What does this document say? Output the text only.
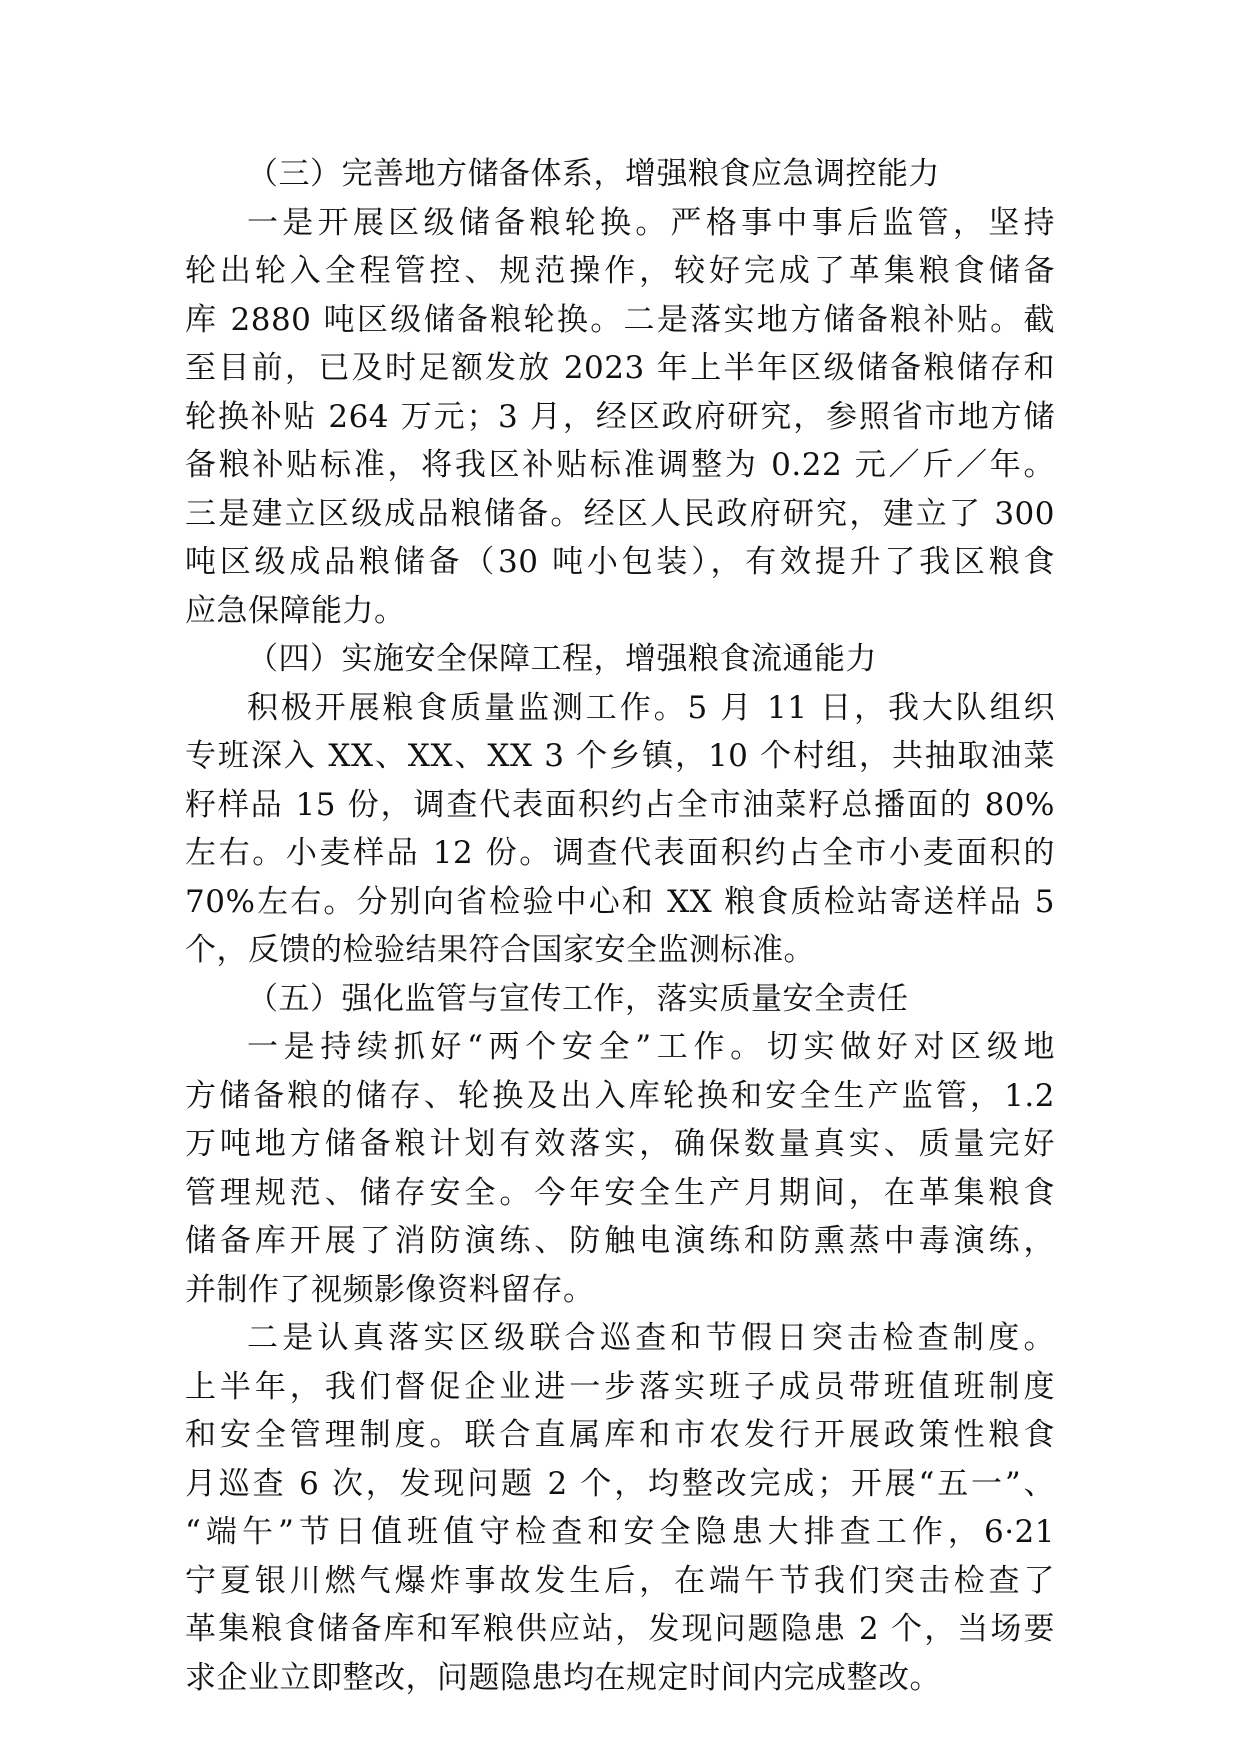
（三）完善地方储备体系，增强粮食应急调控能力
一是开展区级储备粮轮换。严格事中事后监管，坚持
轮出轮入全程管控、规范操作，较好完成了革集粮食储备
库 2880 吨区级储备粮轮换。二是落实地方储备粮补贴。截
至目前，已及时足额发放 2023 年上半年区级储备粮储存和
轮换补贴 264 万元；3 月，经区政府研究，参照省市地方储
备粮补贴标准，将我区补贴标准调整为 0.22 元／斤／年。
三是建立区级成品粮储备。经区人民政府研究，建立了 300
吨区级成品粮储备（30 吨小包装），有效提升了我区粮食
应急保障能力。
（四）实施安全保障工程，增强粮食流通能力
积极开展粮食质量监测工作。5 月 11 日，我大队组织
专班深入 XX、XX、XX 3 个乡镇，10 个村组，共抽取油菜
籽样品 15 份，调查代表面积约占全市油菜籽总播面的 80%
左右。小麦样品 12 份。调查代表面积约占全市小麦面积的
70%左右。分别向省检验中心和 XX 粮食质检站寄送样品 5
个，反馈的检验结果符合国家安全监测标准。
（五）强化监管与宣传工作，落实质量安全责任
一是持续抓好“两个安全”工作。切实做好对区级地
方储备粮的储存、轮换及出入库轮换和安全生产监管，1.2
万吨地方储备粮计划有效落实，确保数量真实、质量完好
管理规范、储存安全。今年安全生产月期间，在革集粮食
储备库开展了消防演练、防触电演练和防熏蒸中毒演练，
并制作了视频影像资料留存。
二是认真落实区级联合巡查和节假日突击检查制度。
上半年，我们督促企业进一步落实班子成员带班值班制度
和安全管理制度。联合直属库和市农发行开展政策性粮食
月巡查 6 次，发现问题 2 个，均整改完成；开展“五一”、
“端午”节日值班值守检查和安全隐患大排查工作，6·21
宁夏银川燃气爆炸事故发生后，在端午节我们突击检查了
革集粮食储备库和军粮供应站，发现问题隐患 2 个，当场要
求企业立即整改，问题隐患均在规定时间内完成整改。
